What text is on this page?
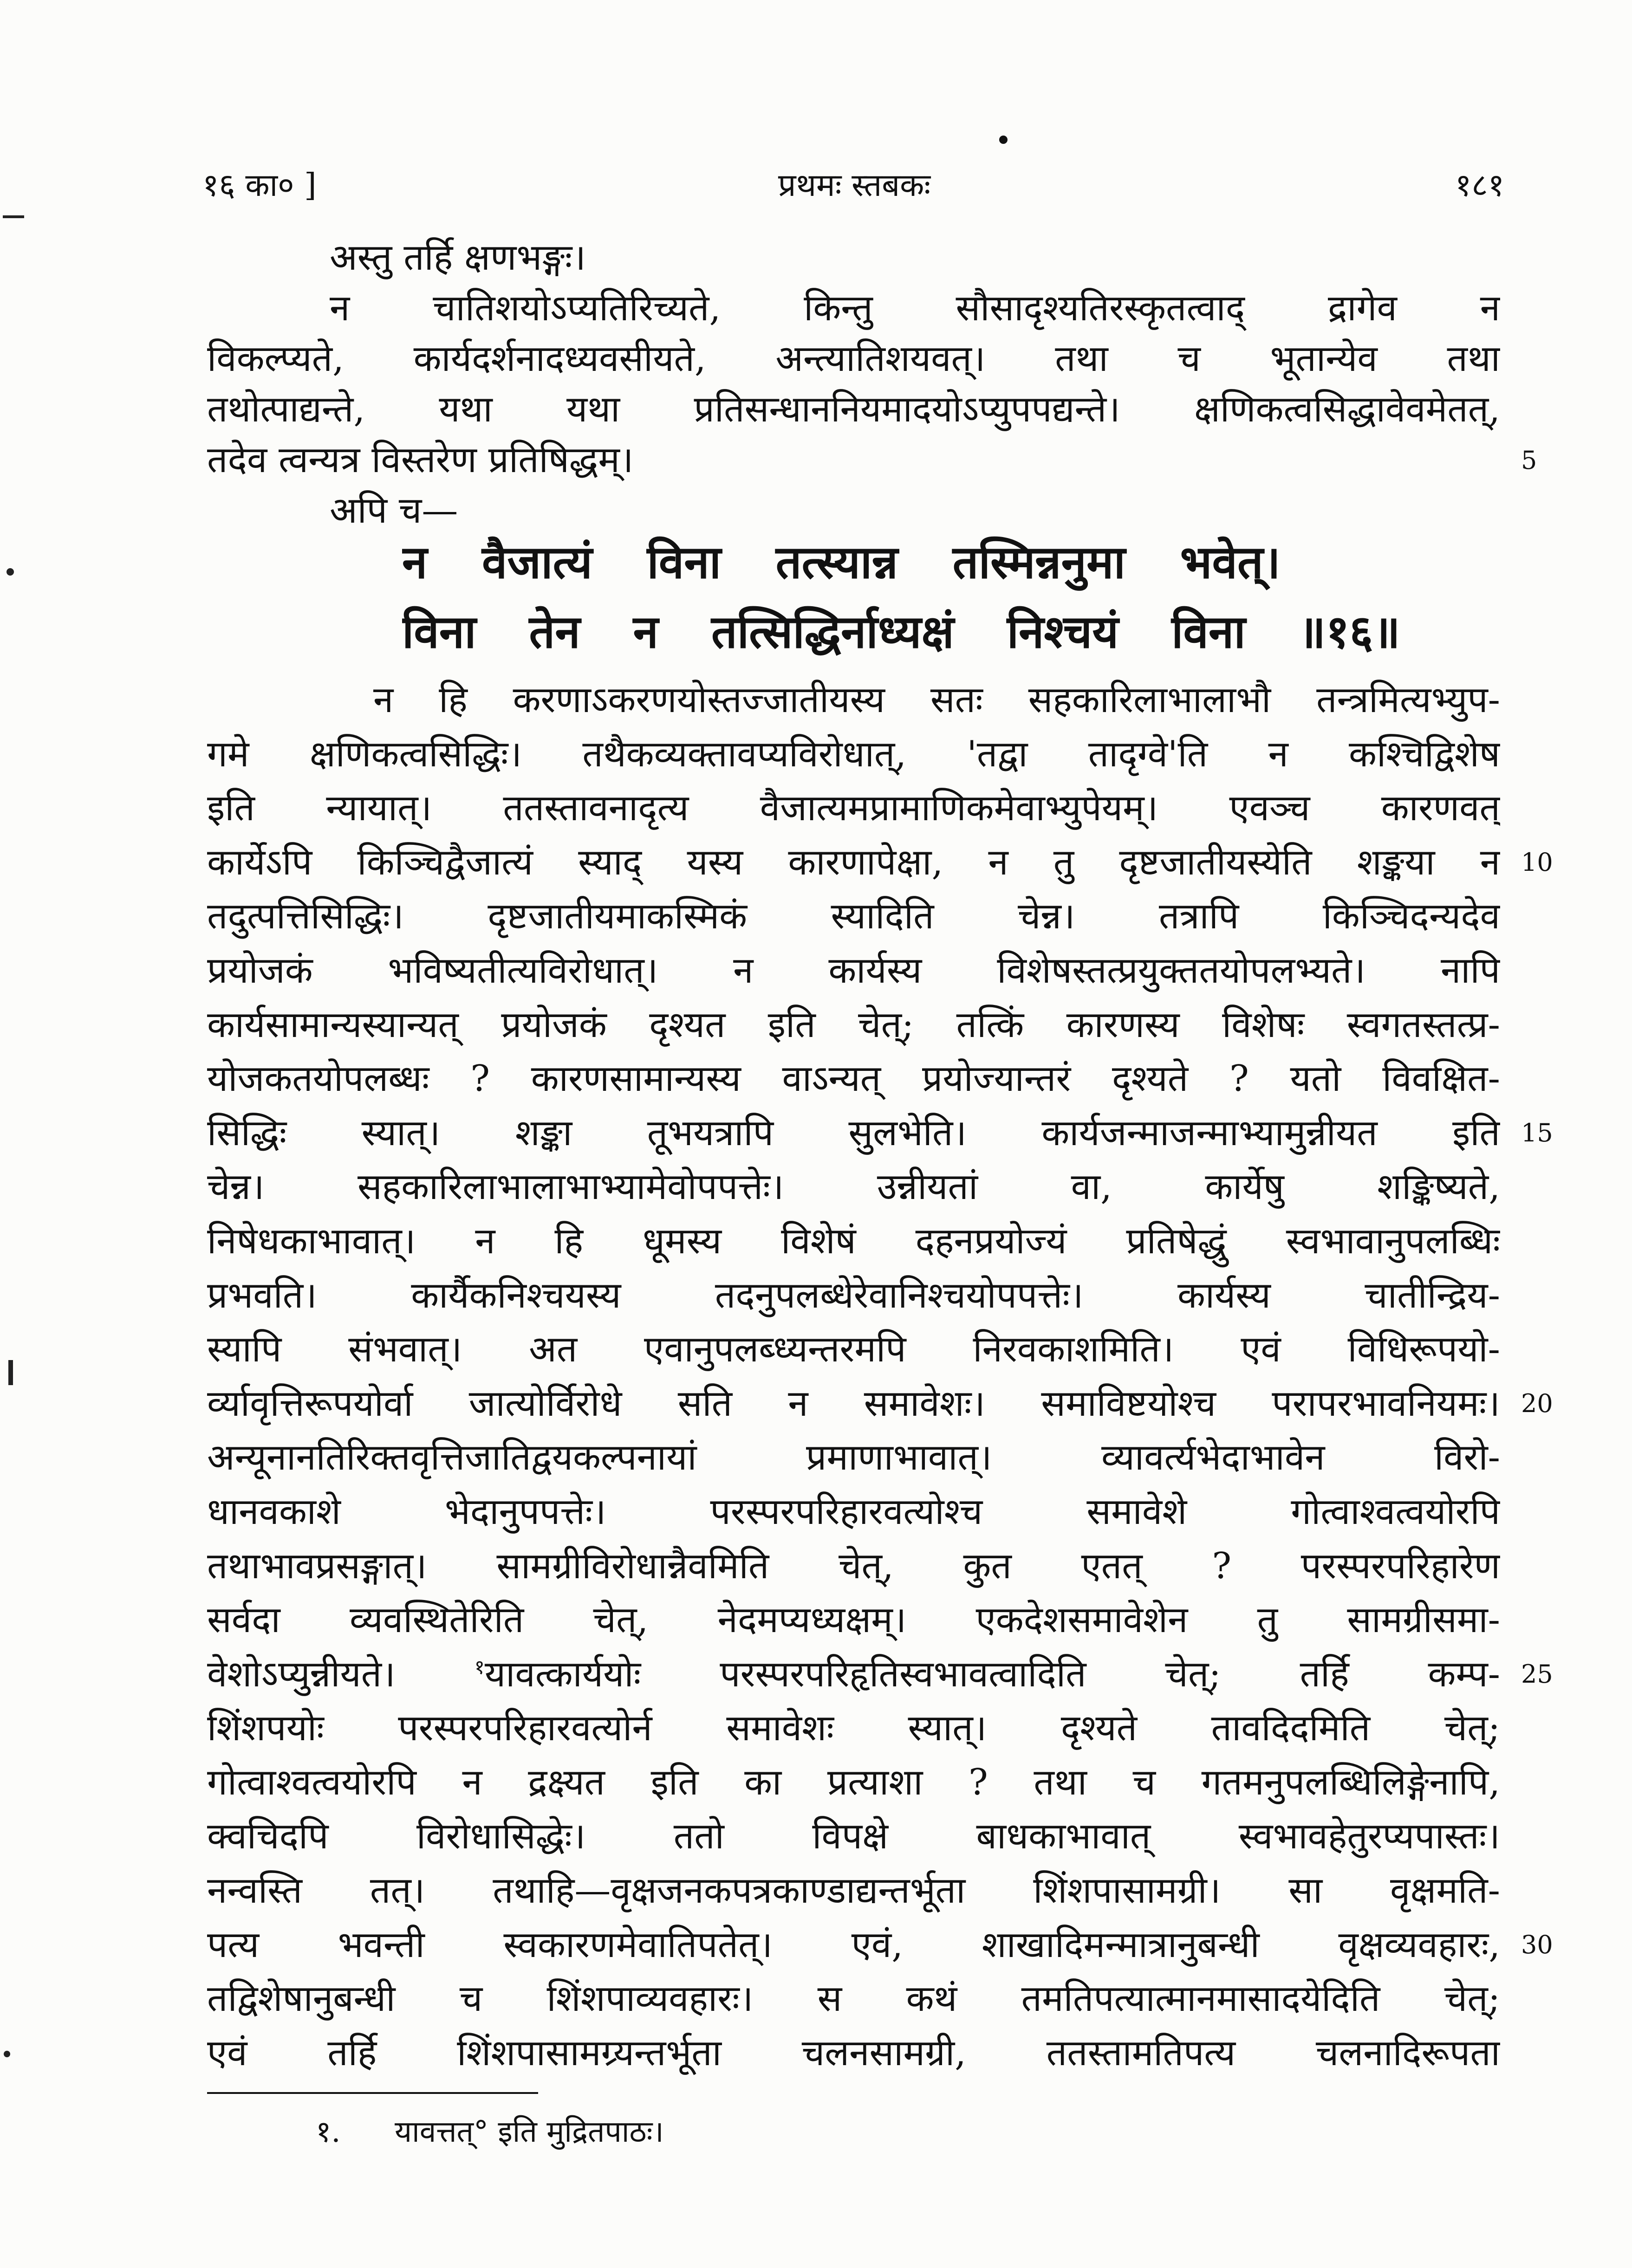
१६ का० ]	प्रथमः स्तबकः	१८१
अस्तु तर्हि क्षणभङ्गः।
न चातिशयोऽप्यतिरिच्यते, किन्तु सौसादृश्यतिरस्कृतत्वाद् द्रागेव न
विकल्प्यते, कार्यदर्शनादध्यवसीयते, अन्त्यातिशयवत्। तथा च भूतान्येव तथा
तथोत्पाद्यन्ते, यथा यथा प्रतिसन्धाननियमादयोऽप्युपपद्यन्ते। क्षणिकत्वसिद्धावेवमेतत्,
तदेव त्वन्यत्र विस्तरेण प्रतिषिद्धम्।
अपि च—
5
न वैजात्यं विना तत्स्यान्न तस्मिन्ननुमा भवेत्।
विना तेन न तत्सिद्धिर्नाध्यक्षं निश्चयं विना ॥१६॥
न हि करणाऽकरणयोस्तज्जातीयस्य सतः सहकारिलाभालाभौ तन्त्रमित्यभ्युप-
गमे क्षणिकत्वसिद्धिः। तथैकव्यक्तावप्यविरोधात्, 'तद्वा तादृग्वे'ति न कश्चिद्विशेष
इति न्यायात्। ततस्तावनादृत्य वैजात्यमप्रामाणिकमेवाभ्युपेयम्। एवञ्च कारणवत्
कार्येऽपि किञ्चिद्वैजात्यं स्याद् यस्य कारणापेक्षा, न तु दृष्टजातीयस्येति शङ्कया न
तदुत्पत्तिसिद्धिः। दृष्टजातीयमाकस्मिकं स्यादिति चेन्न। तत्रापि किञ्चिदन्यदेव
प्रयोजकं भविष्यतीत्यविरोधात्। न कार्यस्य विशेषस्तत्प्रयुक्ततयोपलभ्यते। नापि
कार्यसामान्यस्यान्यत् प्रयोजकं दृश्यत इति चेत्; तत्किं कारणस्य विशेषः स्वगतस्तत्प्र-
योजकतयोपलब्धः ? कारणसामान्यस्य वाऽन्यत् प्रयोज्यान्तरं दृश्यते ? यतो विवक्षित-
सिद्धिः स्यात्। शङ्का तूभयत्रापि सुलभेति। कार्यजन्माजन्माभ्यामुन्नीयत इति
चेन्न। सहकारिलाभालाभाभ्यामेवोपपत्तेः। उन्नीयतां वा, कार्येषु शङ्किष्यते,
निषेधकाभावात्। न हि धूमस्य विशेषं दहनप्रयोज्यं प्रतिषेद्धुं स्वभावानुपलब्धिः
प्रभवति। कार्यैकनिश्चयस्य तदनुपलब्धेरेवानिश्चयोपपत्तेः। कार्यस्य चातीन्द्रिय-
स्यापि संभवात्। अत एवानुपलब्ध्यन्तरमपि निरवकाशमिति। एवं विधिरूपयो-
र्व्यावृत्तिरूपयोर्वा जात्योर्विरोधे सति न समावेशः। समाविष्टयोश्च परापरभावनियमः।
अन्यूनानतिरिक्तवृत्तिजातिद्वयकल्पनायां प्रमाणाभावात्। व्यावर्त्यभेदाभावेन विरो-
धानवकाशे भेदानुपपत्तेः। परस्परपरिहारवत्योश्च समावेशे गोत्वाश्वत्वयोरपि
तथाभावप्रसङ्गात्। सामग्रीविरोधान्नैवमिति चेत्, कुत एतत् ? परस्परपरिहारेण
सर्वदा व्यवस्थितेरिति चेत्, नेदमप्यध्यक्षम्। एकदेशसमावेशेन तु सामग्रीसमा-
वेशोऽप्युन्नीयते।	$^१$यावत्कार्ययोः परस्परपरिहृतिस्वभावत्वादिति चेत्; तर्हि कम्प-
शिंशपयोः परस्परपरिहारवत्योर्न समावेशः स्यात्। दृश्यते तावदिदमिति चेत्;
गोत्वाश्वत्वयोरपि न द्रक्ष्यत इति का प्रत्याशा ? तथा च गतमनुपलब्धिलिङ्गेनापि,
क्वचिदपि विरोधासिद्धेः। ततो विपक्षे बाधकाभावात् स्वभावहेतुरप्यपास्तः।
नन्वस्ति तत्। तथाहि—वृक्षजनकपत्रकाण्डाद्यन्तर्भूता शिंशपासामग्री। सा वृक्षमति-
पत्य भवन्ती स्वकारणमेवातिपतेत्। एवं, शाखादिमन्मात्रानुबन्धी वृक्षव्यवहारः,
तद्विशेषानुबन्धी च शिंशपाव्यवहारः। स कथं तमतिपत्यात्मानमासादयेदिति चेत्;
एवं तर्हि शिंशपासामग्र्यन्तर्भूता चलनसामग्री, ततस्तामतिपत्य चलनादिरूपता
10
15
20
25
30
१. यावत्तत्° इति मुद्रितपाठः।
